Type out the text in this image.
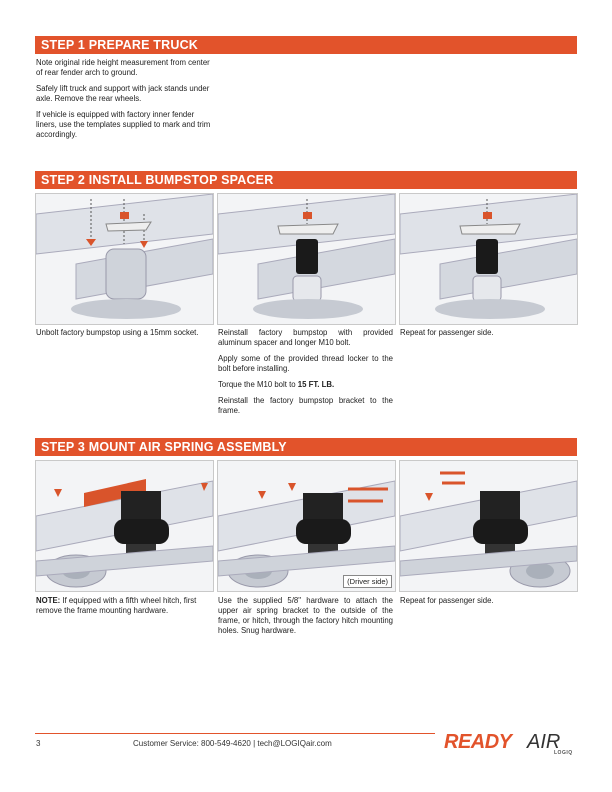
STEP 1 PREPARE TRUCK

Note original ride height measurement from center of rear fender arch to ground.

Safely lift truck and support with jack stands under axle. Remove the rear wheels.

If vehicle is equipped with factory inner fender liners, use the templates supplied to mark and trim accordingly.

STEP 2 INSTALL BUMPSTOP SPACER
Unbolt factory bumpstop using a 15mm socket.	Reinstall factory bumpstop with provided aluminum spacer and longer M10 bolt.

Apply some of the provided thread locker to the bolt before installing.

Torque the M10 bolt to 15 FT. LB.

Reinstall the factory bumpstop bracket to the frame.

Repeat for passenger side.
STEP 3 MOUNT AIR SPRING ASSEMBLY
(Driver side)
NOTE: If equipped with a fifth wheel hitch, first remove the frame mounting hardware.
Use the supplied 5/8" hardware to attach the upper air spring bracket to the outside of the frame, or hitch, through the factory hitch mounting holes. Snug hardware.
Repeat for passenger side.
3	Customer Service: 800-549-4620 | tech@LOGIQair.com	READY AIR
LOGIQ
